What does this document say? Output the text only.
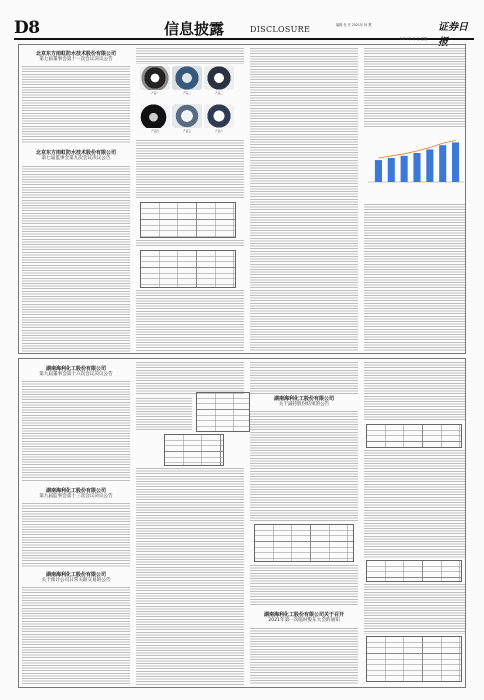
D8	信息披露	DISCLOSURE	编辑 杜 安 2021年 杨 慧	证券日报
2021年 月 日 星期
北京东方雨虹防水技术股份有限公司
第七届董事会第十一次会议决议公告
北京东方雨虹防水技术股份有限公司
第七届监事会第九次会议决议公告
产品一	产品二	产品三
产品四	产品五	产品六
湖南海利化工股份有限公司
第九届董事会第十六次会议决议公告
湖南海利化工股份有限公司
第九届监事会第十三次会议决议公告
湖南海利化工股份有限公司
关于预计公司日常关联交易的公告
湖南海利化工股份有限公司
关于减持股份结果的公告
湖南海利化工股份有限公司关于召开
2021年第一次临时股东大会的通知
